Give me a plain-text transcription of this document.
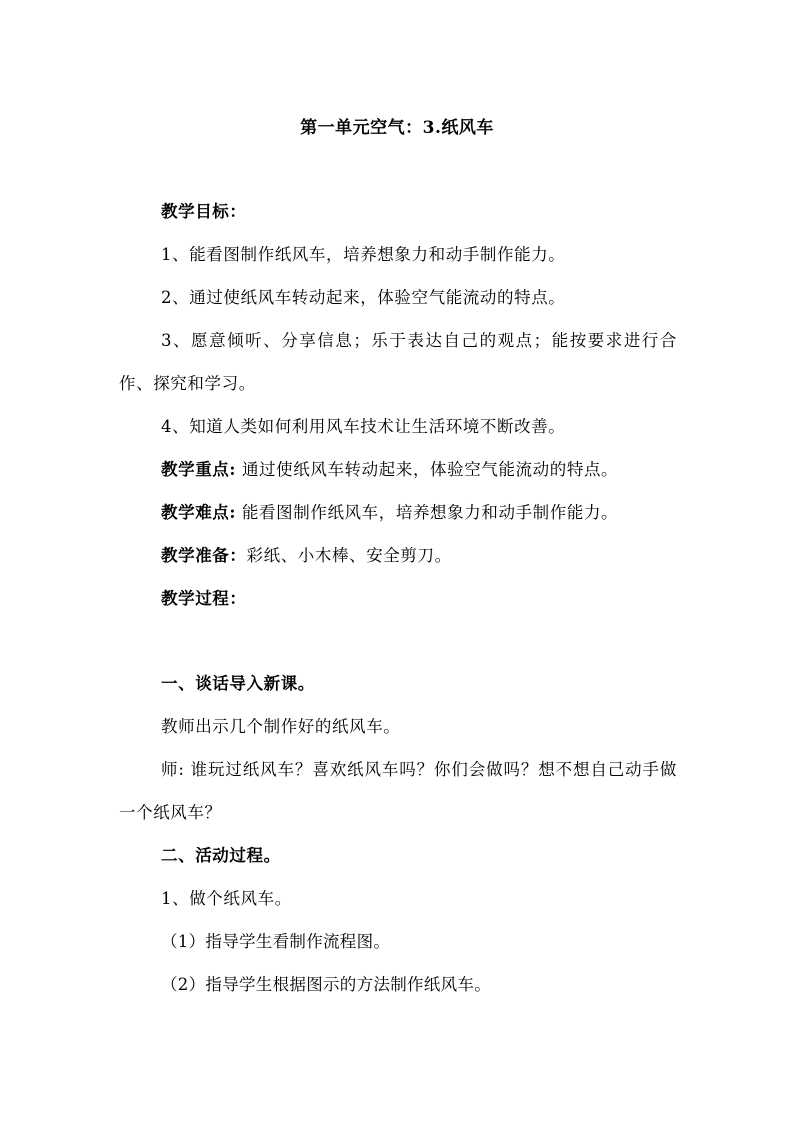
第一单元空气：3.纸风车

教学目标：

1、能看图制作纸风车，培养想象力和动手制作能力。

2、通过使纸风车转动起来，体验空气能流动的特点。

3、愿意倾听、分享信息；乐于表达自己的观点；能按要求进行合作、探究和学习。

4、知道人类如何利用风车技术让生活环境不断改善。

教学重点: 通过使纸风车转动起来，体验空气能流动的特点。

教学难点: 能看图制作纸风车，培养想象力和动手制作能力。

教学准备：彩纸、小木棒、安全剪刀。

教学过程：

一、谈话导入新课。

教师出示几个制作好的纸风车。

师: 谁玩过纸风车？喜欢纸风车吗？你们会做吗？想不想自己动手做一个纸风车？

二、活动过程。

1、做个纸风车。

（1）指导学生看制作流程图。

（2）指导学生根据图示的方法制作纸风车。
